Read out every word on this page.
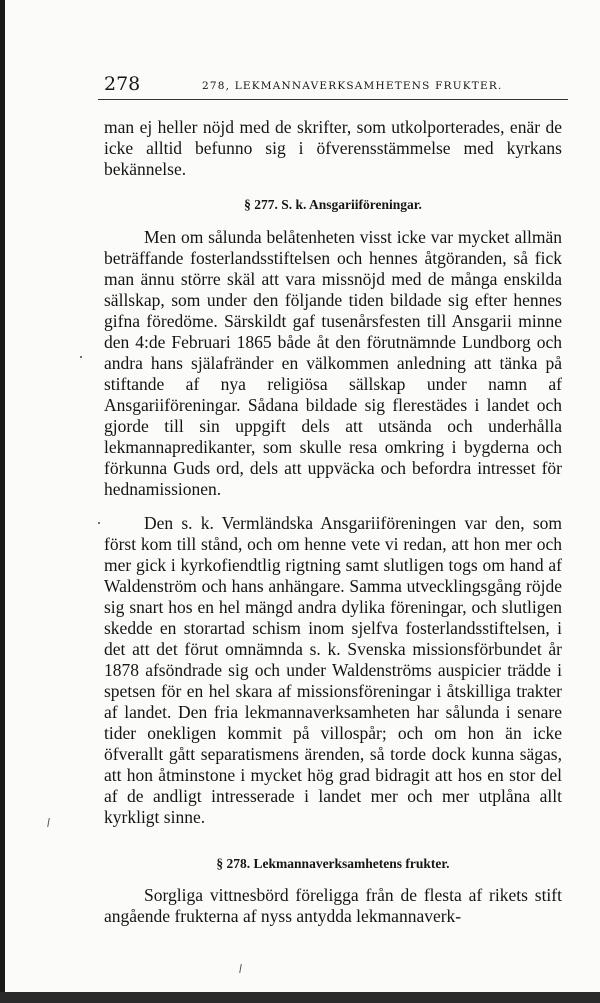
278	278, LEKMANNAVERKSAMHETENS FRUKTER.
man ej heller nöjd med de skrifter, som utkolporterades, enär de icke alltid befunno sig i öfverensstämmelse med kyrkans bekännelse.
§ 277. S. k. Ansgariiföreningar.
Men om sålunda belåtenheten visst icke var mycket allmän beträffande fosterlandsstiftelsen och hennes åtgöranden, så fick man ännu större skäl att vara missnöjd med de många enskilda sällskap, som under den följande tiden bildade sig efter hennes gifna föredöme. Särskildt gaf tusenårsfesten till Ansgarii minne den 4:de Februari 1865 både åt den förutnämnde Lundborg och andra hans själafränder en välkommen anledning att tänka på stiftande af nya religiösa sällskap under namn af Ansgariiföreningar. Sådana bildade sig flerestädes i landet och gjorde till sin uppgift dels att utsända och underhålla lekmannapredikanter, som skulle resa omkring i bygderna och förkunna Guds ord, dels att uppväcka och befordra intresset för hednamissionen.
Den s. k. Vermländska Ansgariiföreningen var den, som först kom till stånd, och om henne vete vi redan, att hon mer och mer gick i kyrkofiendtlig rigtning samt slutligen togs om hand af Waldenström och hans anhängare. Samma utvecklingsgång röjde sig snart hos en hel mängd andra dylika föreningar, och slutligen skedde en storartad schism inom sjelfva fosterlandsstiftelsen, i det att det förut omnämnda s. k. Svenska missionsförbundet år 1878 afsöndrade sig och under Waldenströms auspicier trädde i spetsen för en hel skara af missionsföreningar i åtskilliga trakter af landet. Den fria lekmannaverksamheten har sålunda i senare tider onekligen kommit på villospår; och om hon än icke öfverallt gått separatismens ärenden, så torde dock kunna sägas, att hon åtminstone i mycket hög grad bidragit att hos en stor del af de andligt intresserade i landet mer och mer utplåna allt kyrkligt sinne.
§ 278. Lekmannaverksamhetens frukter.
Sorgliga vittnesbörd föreligga från de flesta af rikets stift angående frukterna af nyss antydda lekmannaverk-
